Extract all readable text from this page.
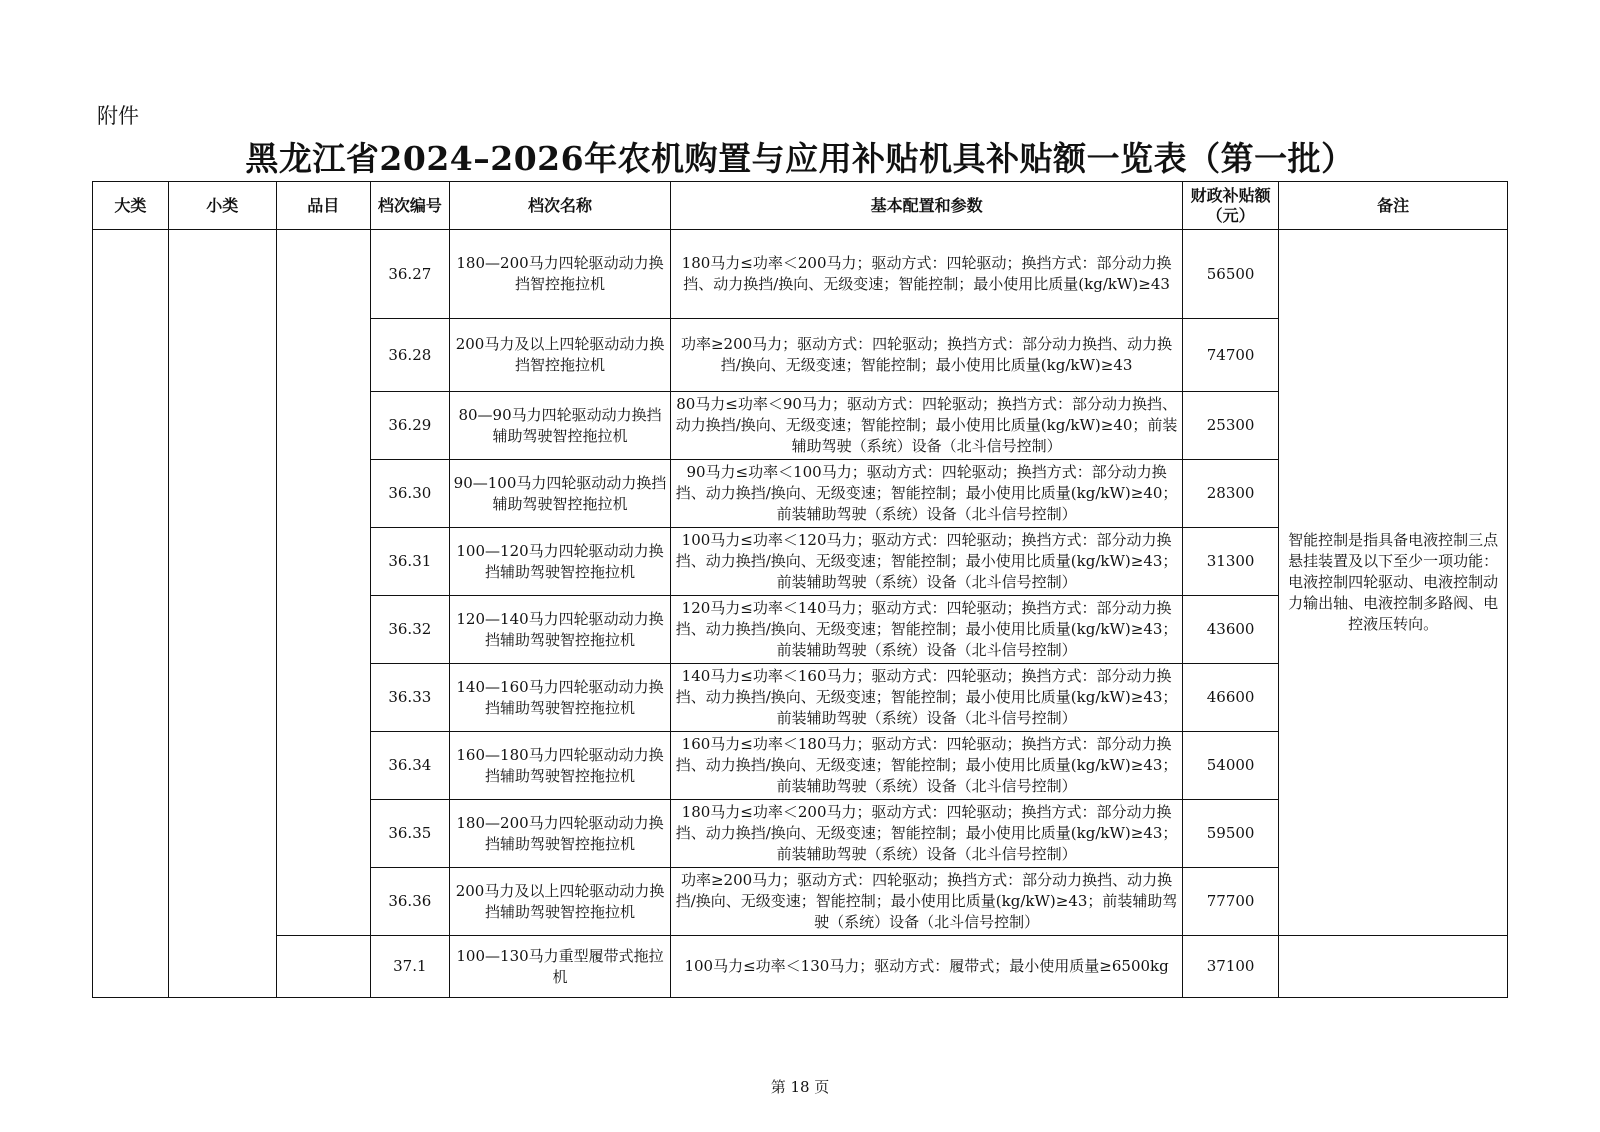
附件
黑龙江省2024–2026年农机购置与应用补贴机具补贴额一览表（第一批）
大类	小类	品目	档次编号	档次名称	基本配置和参数	财政补贴额（元）	备注
			36.27	180—200马力四轮驱动动力换挡智控拖拉机	180马力≤功率＜200马力；驱动方式：四轮驱动；换挡方式：部分动力换挡、动力换挡/换向、无级变速；智能控制；最小使用比质量(kg/kW)≥43	56500	智能控制是指具备电液控制三点悬挂装置及以下至少一项功能：电液控制四轮驱动、电液控制动力输出轴、电液控制多路阀、电控液压转向。
			36.28	200马力及以上四轮驱动动力换挡智控拖拉机	功率≥200马力；驱动方式：四轮驱动；换挡方式：部分动力换挡、动力换挡/换向、无级变速；智能控制；最小使用比质量(kg/kW)≥43	74700	
			36.29	80—90马力四轮驱动动力换挡辅助驾驶智控拖拉机	80马力≤功率＜90马力；驱动方式：四轮驱动；换挡方式：部分动力换挡、动力换挡/换向、无级变速；智能控制；最小使用比质量(kg/kW)≥40；前装辅助驾驶（系统）设备（北斗信号控制）	25300	
			36.30	90—100马力四轮驱动动力换挡辅助驾驶智控拖拉机	90马力≤功率＜100马力；驱动方式：四轮驱动；换挡方式：部分动力换挡、动力换挡/换向、无级变速；智能控制；最小使用比质量(kg/kW)≥40；前装辅助驾驶（系统）设备（北斗信号控制）	28300	
			36.31	100—120马力四轮驱动动力换挡辅助驾驶智控拖拉机	100马力≤功率＜120马力；驱动方式：四轮驱动；换挡方式：部分动力换挡、动力换挡/换向、无级变速；智能控制；最小使用比质量(kg/kW)≥43；前装辅助驾驶（系统）设备（北斗信号控制）	31300	
			36.32	120—140马力四轮驱动动力换挡辅助驾驶智控拖拉机	120马力≤功率＜140马力；驱动方式：四轮驱动；换挡方式：部分动力换挡、动力换挡/换向、无级变速；智能控制；最小使用比质量(kg/kW)≥43；前装辅助驾驶（系统）设备（北斗信号控制）	43600	
			36.33	140—160马力四轮驱动动力换挡辅助驾驶智控拖拉机	140马力≤功率＜160马力；驱动方式：四轮驱动；换挡方式：部分动力换挡、动力换挡/换向、无级变速；智能控制；最小使用比质量(kg/kW)≥43；前装辅助驾驶（系统）设备（北斗信号控制）	46600	
			36.34	160—180马力四轮驱动动力换挡辅助驾驶智控拖拉机	160马力≤功率＜180马力；驱动方式：四轮驱动；换挡方式：部分动力换挡、动力换挡/换向、无级变速；智能控制；最小使用比质量(kg/kW)≥43；前装辅助驾驶（系统）设备（北斗信号控制）	54000	
			36.35	180—200马力四轮驱动动力换挡辅助驾驶智控拖拉机	180马力≤功率＜200马力；驱动方式：四轮驱动；换挡方式：部分动力换挡、动力换挡/换向、无级变速；智能控制；最小使用比质量(kg/kW)≥43；前装辅助驾驶（系统）设备（北斗信号控制）	59500	
			36.36	200马力及以上四轮驱动动力换挡辅助驾驶智控拖拉机	功率≥200马力；驱动方式：四轮驱动；换挡方式：部分动力换挡、动力换挡/换向、无级变速；智能控制；最小使用比质量(kg/kW)≥43；前装辅助驾驶（系统）设备（北斗信号控制）	77700	
			37.1	100—130马力重型履带式拖拉机	100马力≤功率＜130马力；驱动方式：履带式；最小使用质量≥6500kg	37100	
第 18 页
